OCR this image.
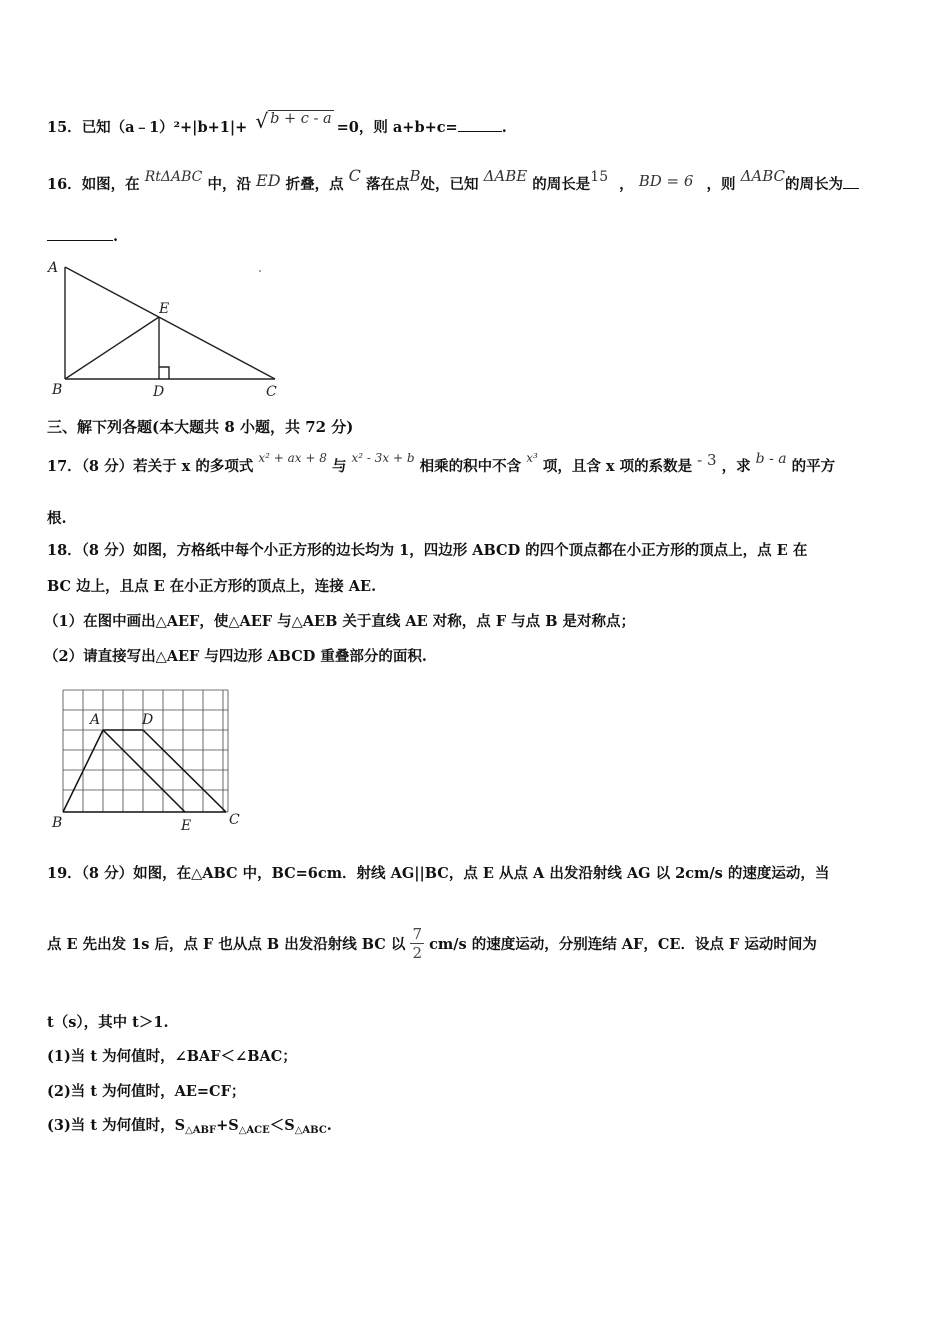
15．已知（a﹣1）²+|b+1|+ √ b + c - a =0，则 a+b+c=	.
16．如图，在 RtΔABC 中，沿 ED 折叠，点 C 落在点B处，已知 ΔABE 的周长是15 ， BD = 6 ，则 ΔABC的周长为
.
A
B	C
D
E
三、解下列各题(本大题共 8 小题，共 72 分)
17．（8 分）若关于 x 的多项式 $^{x^2 + ax + 8}$ 与 $^{x^2 - 3x + b}$ 相乘的积中不含 $^{x^3}$ 项，且含 x 项的系数是 - 3 ，求 b - a 的平方
根.
18．（8 分）如图，方格纸中每个小正方形的边长均为 1，四边形 ABCD 的四个顶点都在小正方形的顶点上，点 E 在
BC 边上，且点 E 在小正方形的顶点上，连接 AE.
（1）在图中画出△AEF，使△AEF 与△AEB 关于直线 AE 对称，点 F 与点 B 是对称点；
（2）请直接写出△AEF 与四边形 ABCD 重叠部分的面积.
A	D
B	E	C
19．（8 分）如图，在△ABC 中，BC=6cm．射线 AG||BC，点 E 从点 A 出发沿射线 AG 以 2cm/s 的速度运动，当
点 E 先出发 1s 后，点 F 也从点 B 出发沿射线 BC 以 $\frac{7}{2} cm/s$ 的速度运动，分别连结 AF，CE．设点 F 运动时间为
t（s），其中 t＞1.
(1)当 t 为何值时，∠BAF＜∠BAC；
(2)当 t 为何值时，AE=CF；
(3)当 t 为何值时，$S_{\triangle ABF}+S_{\triangle ACE}<S_{\triangle ABC}$.
